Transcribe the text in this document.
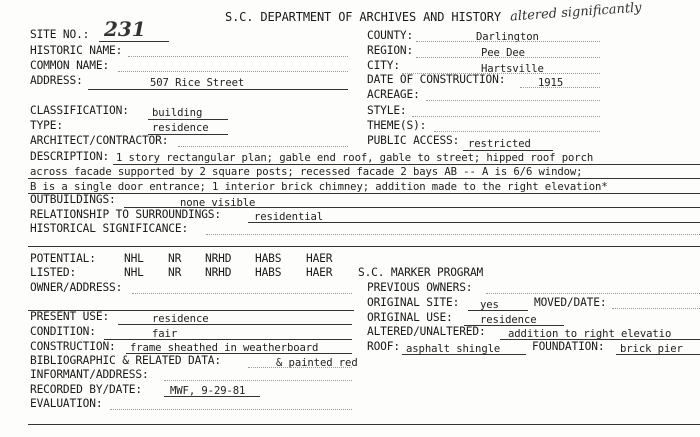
SITE NO.: 231	S.C. DEPARTMENT OF ARCHIVES AND HISTORY altered significantly
HISTORIC NAME:
COMMON NAME:
ADDRESS:	507 Rice Street
COUNTY:	Darlington
REGION:	Pee Dee
CITY:	Hartsville
DATE OF CONSTRUCTION:	1915
ACREAGE:
CLASSIFICATION: building
TYPE:	residence
ARCHITECT/CONTRACTOR:
STYLE:
THEME(S):
PUBLIC ACCESS: restricted
DESCRIPTION: 1 story rectangular plan; gable end roof, gable to street; hipped roof porch
across facade supported by 2 square posts; recessed facade 2 bays AB -- A is 6/6 window;
B is a single door entrance; 1 interior brick chimney; addition made to the right elevation*
OUTBUILDINGS:	none visible
RELATIONSHIP TO SURROUNDINGS:	residential
HISTORICAL SIGNIFICANCE:
POTENTIAL:	NHL NR NRHD HABS HAER
LISTED:	NHL NR NRHD HABS HAER S.C. MARKER PROGRAM
OWNER/ADDRESS:	PREVIOUS OWNERS:
ORIGINAL SITE: yes	MOVED/DATE:
PRESENT USE:	residence	ORIGINAL USE:	residence
CONDITION:	fair	ALTERED/UNALTERED: addition to right elevatio
CONSTRUCTION: frame sheathed in weatherboard	ROOF: asphalt shingle	FOUNDATION: brick pier
BIBLIOGRAPHIC & RELATED DATA:	& painted red
INFORMANT/ADDRESS:
RECORDED BY/DATE:	MWF, 9-29-81
EVALUATION:
